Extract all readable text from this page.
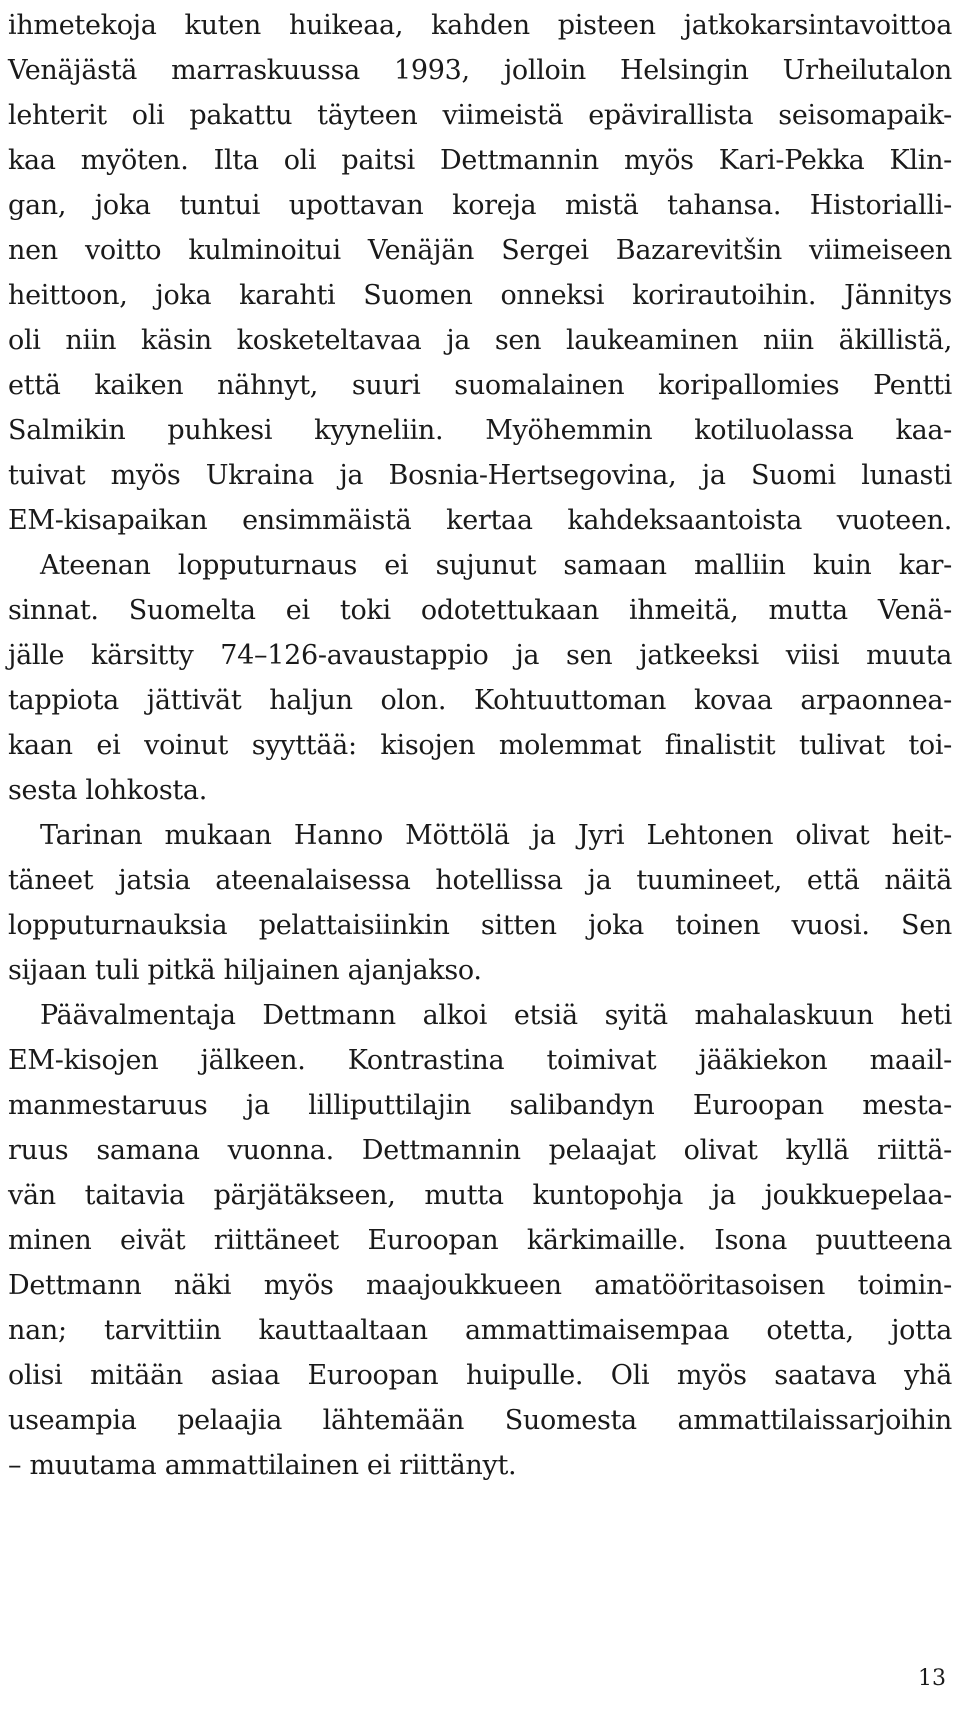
ihmetekoja kuten huikeaa, kahden pisteen jatkokarsintavoittoa
Venäjästä marraskuussa 1993, jolloin Helsingin Urheilutalon
lehterit oli pakattu täyteen viimeistä epävirallista seisomapaik-
kaa myöten. Ilta oli paitsi Dettmannin myös Kari-Pekka Klin-
gan, joka tuntui upottavan koreja mistä tahansa. Historialli-
nen voitto kulminoitui Venäjän Sergei Bazarevitšin viimeiseen
heittoon, joka karahti Suomen onneksi korirautoihin. Jännitys
oli niin käsin kosketeltavaa ja sen laukeaminen niin äkillistä,
että kaiken nähnyt, suuri suomalainen koripallomies Pentti
Salmikin puhkesi kyyneliin. Myöhemmin kotiluolassa kaa-
tuivat myös Ukraina ja Bosnia-Hertsegovina, ja Suomi lunasti
EM-kisapaikan ensimmäistä kertaa kahdeksaantoista vuoteen.
Ateenan lopputurnaus ei sujunut samaan malliin kuin kar-
sinnat. Suomelta ei toki odotettukaan ihmeitä, mutta Venä-
jälle kärsitty 74–126-avaustappio ja sen jatkeeksi viisi muuta
tappiota jättivät haljun olon. Kohtuuttoman kovaa arpaonnea-
kaan ei voinut syyttää: kisojen molemmat finalistit tulivat toi-
sesta lohkosta.
Tarinan mukaan Hanno Möttölä ja Jyri Lehtonen olivat heit-
täneet jatsia ateenalaisessa hotellissa ja tuumineet, että näitä
lopputurnauksia pelattaisiinkin sitten joka toinen vuosi. Sen
sijaan tuli pitkä hiljainen ajanjakso.
Päävalmentaja Dettmann alkoi etsiä syitä mahalaskuun heti
EM-kisojen jälkeen. Kontrastina toimivat jääkiekon maail-
manmestaruus ja lilliputtilajin salibandyn Euroopan mesta-
ruus samana vuonna. Dettmannin pelaajat olivat kyllä riittä-
vän taitavia pärjätäkseen, mutta kuntopohja ja joukkuepelaa-
minen eivät riittäneet Euroopan kärkimaille. Isona puutteena
Dettmann näki myös maajoukkueen amatööritasoisen toimin-
nan; tarvittiin kauttaaltaan ammattimaisempaa otetta, jotta
olisi mitään asiaa Euroopan huipulle. Oli myös saatava yhä
useampia pelaajia lähtemään Suomesta ammattilaissarjoihin
– muutama ammattilainen ei riittänyt.
13
